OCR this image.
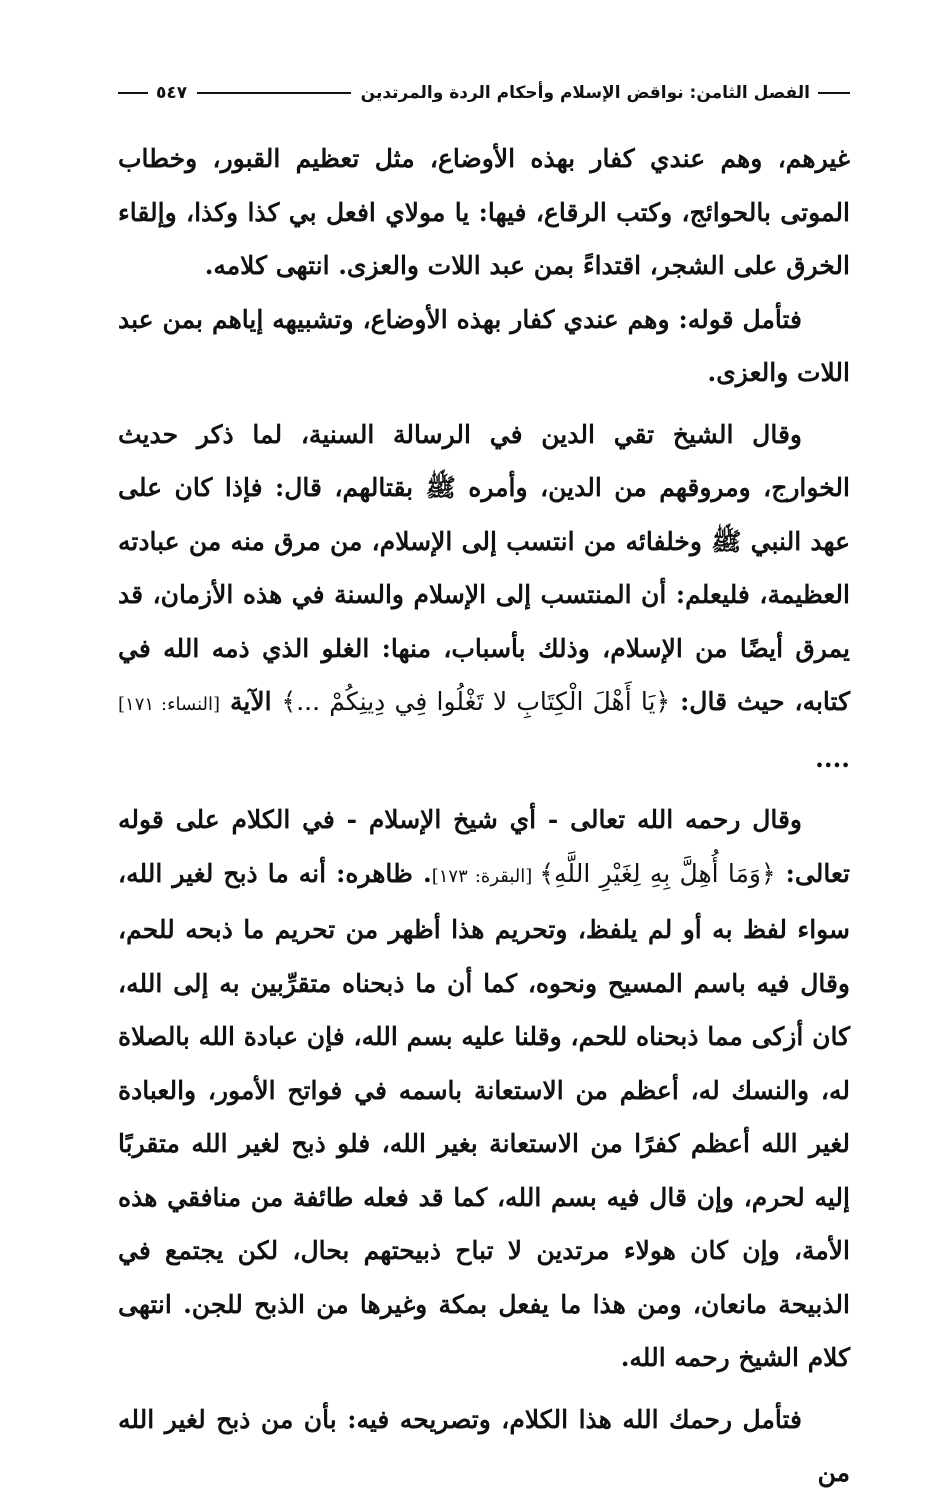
الفصل الثامن: نواقض الإسلام وأحكام الردة والمرتدين
٥٤٧

غيرهم، وهم عندي كفار بهذه الأوضاع، مثل تعظيم القبور، وخطاب الموتى بالحوائج، وكتب الرقاع، فيها: يا مولاي افعل بي كذا وكذا، وإلقاء الخرق على الشجر، اقتداءً بمن عبد اللات والعزى. انتهى كلامه.

فتأمل قوله: وهم عندي كفار بهذه الأوضاع، وتشبيهه إياهم بمن عبد اللات والعزى.

وقال الشيخ تقي الدين في الرسالة السنية، لما ذكر حديث الخوارج، ومروقهم من الدين، وأمره ﷺ بقتالهم، قال: فإذا كان على عهد النبي ﷺ وخلفائه من انتسب إلى الإسلام، من مرق منه من عبادته العظيمة، فليعلم: أن المنتسب إلى الإسلام والسنة في هذه الأزمان، قد يمرق أيضًا من الإسلام، وذلك بأسباب، منها: الغلو الذي ذمه الله في كتابه، حيث قال: ﴿يَا أَهْلَ الْكِتَابِ لا تَغْلُوا فِي دِينِكُمْ ...﴾ الآية [النساء: ١٧١] ....

وقال رحمه الله تعالى - أي شيخ الإسلام - في الكلام على قوله تعالى: ﴿وَمَا أُهِلَّ بِهِ لِغَيْرِ اللَّهِ﴾ [البقرة: ١٧٣]. ظاهره: أنه ما ذبح لغير الله، سواء لفظ به أو لم يلفظ، وتحريم هذا أظهر من تحريم ما ذبحه للحم، وقال فيه باسم المسيح ونحوه، كما أن ما ذبحناه متقرِّبين به إلى الله، كان أزكى مما ذبحناه للحم، وقلنا عليه بسم الله، فإن عبادة الله بالصلاة له، والنسك له، أعظم من الاستعانة باسمه في فواتح الأمور، والعبادة لغير الله أعظم كفرًا من الاستعانة بغير الله، فلو ذبح لغير الله متقربًا إليه لحرم، وإن قال فيه بسم الله، كما قد فعله طائفة من منافقي هذه الأمة، وإن كان هولاء مرتدين لا تباح ذبيحتهم بحال، لكن يجتمع في الذبيحة مانعان، ومن هذا ما يفعل بمكة وغيرها من الذبح للجن. انتهى كلام الشيخ رحمه الله.

فتأمل رحمك الله هذا الكلام، وتصريحه فيه: بأن من ذبح لغير الله من
